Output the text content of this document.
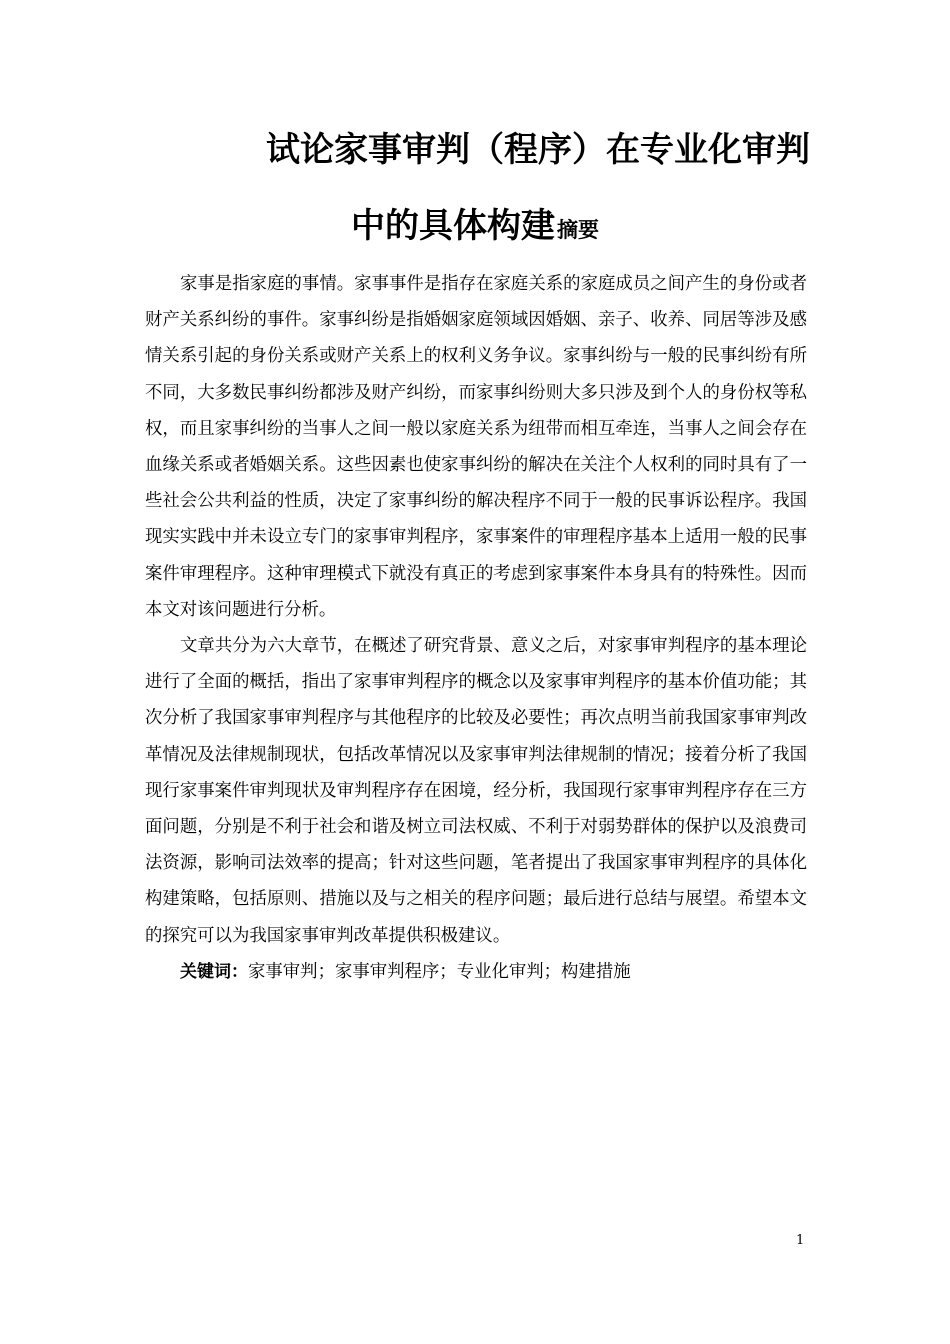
试论家事审判（程序）在专业化审判
中的具体构建摘要

家事是指家庭的事情。家事事件是指存在家庭关系的家庭成员之间产生的身份或者财产关系纠纷的事件。家事纠纷是指婚姻家庭领域因婚姻、亲子、收养、同居等涉及感情关系引起的身份关系或财产关系上的权利义务争议。家事纠纷与一般的民事纠纷有所不同，大多数民事纠纷都涉及财产纠纷，而家事纠纷则大多只涉及到个人的身份权等私权，而且家事纠纷的当事人之间一般以家庭关系为纽带而相互牵连，当事人之间会存在血缘关系或者婚姻关系。这些因素也使家事纠纷的解决在关注个人权利的同时具有了一些社会公共利益的性质，决定了家事纠纷的解决程序不同于一般的民事诉讼程序。我国现实实践中并未设立专门的家事审判程序，家事案件的审理程序基本上适用一般的民事案件审理程序。这种审理模式下就没有真正的考虑到家事案件本身具有的特殊性。因而本文对该问题进行分析。

文章共分为六大章节，在概述了研究背景、意义之后，对家事审判程序的基本理论进行了全面的概括，指出了家事审判程序的概念以及家事审判程序的基本价值功能；其次分析了我国家事审判程序与其他程序的比较及必要性；再次点明当前我国家事审判改革情况及法律规制现状，包括改革情况以及家事审判法律规制的情况；接着分析了我国现行家事案件审判现状及审判程序存在困境，经分析，我国现行家事审判程序存在三方面问题，分别是不利于社会和谐及树立司法权威、不利于对弱势群体的保护以及浪费司法资源，影响司法效率的提高；针对这些问题，笔者提出了我国家事审判程序的具体化构建策略，包括原则、措施以及与之相关的程序问题；最后进行总结与展望。希望本文的探究可以为我国家事审判改革提供积极建议。

关键词：家事审判；家事审判程序；专业化审判；构建措施

1
